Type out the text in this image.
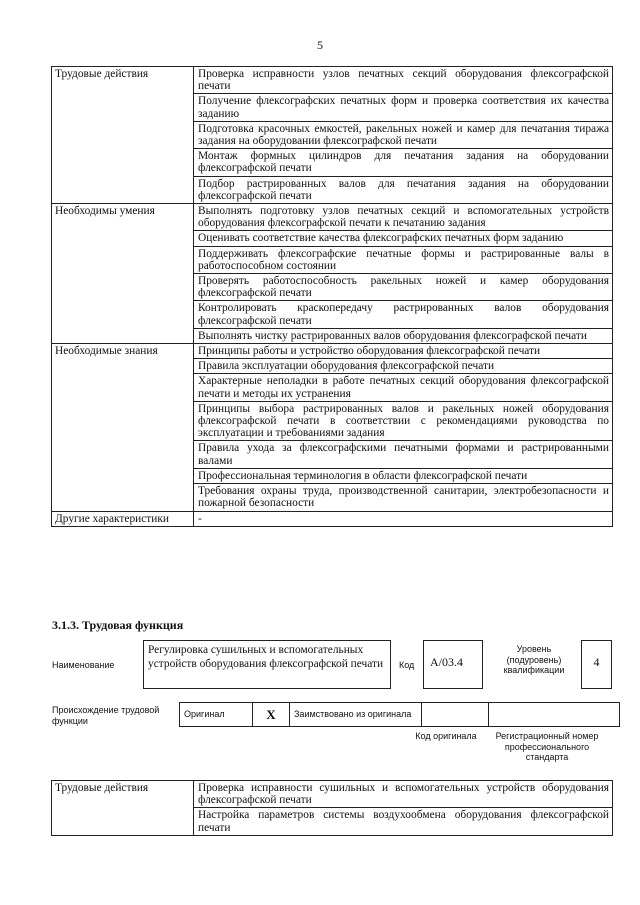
5
Трудовые действия	Проверка исправности узлов печатных секций оборудования флексографской печати
	Получение флексографских печатных форм и проверка соответствия их качества заданию
	Подготовка красочных емкостей, ракельных ножей и камер для печатания тиража задания на оборудовании флексографской печати
	Монтаж формных цилиндров для печатания задания на оборудовании флексографской печати
	Подбор растрированных валов для печатания задания на оборудовании флексографской печати
Необходимы умения	Выполнять подготовку узлов печатных секций и вспомогательных устройств оборудования флексографской печати к печатанию задания
	Оценивать соответствие качества флексографских печатных форм заданию
	Поддерживать флексографские печатные формы и растрированные валы в работоспособном состоянии
	Проверять работоспособность ракельных ножей и камер оборудования флексографской печати
	Контролировать краскопередачу растрированных валов оборудования флексографской печати
	Выполнять чистку растрированных валов оборудования флексографской печати
Необходимые знания	Принципы работы и устройство оборудования флексографской печати
	Правила эксплуатации оборудования флексографской печати
	Характерные неполадки в работе печатных секций оборудования флексографской печати и методы их устранения
	Принципы выбора растрированных валов и ракельных ножей оборудования флексографской печати в соответствии с рекомендациями руководства по эксплуатации и требованиями задания
	Правила ухода за флексографскими печатными формами и растрированными валами
	Профессиональная терминология в области флексографской печати
	Требования охраны труда, производственной санитарии, электробезопасности и пожарной безопасности
Другие характеристики	-
3.1.3. Трудовая функция
Наименование
Регулировка сушильных и вспомогательных устройств оборудования флексографской печати	Код	А/03.4
Уровень (подуровень) квалификации
4
Происхождение трудовой функции
Оригинал	X	Заимствовано из оригинала		
Код оригинала	Регистрационный номер профессионального стандарта
Трудовые действия	Проверка исправности сушильных и вспомогательных устройств оборудования флексографской печати
Настройка параметров системы воздухообмена оборудования флексографской печати
